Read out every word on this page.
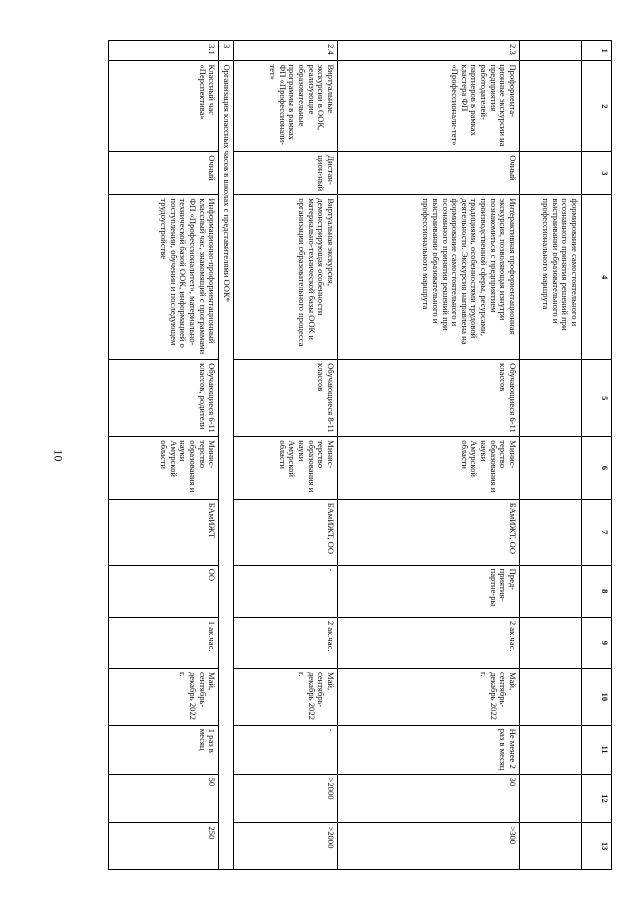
10
1	2	3	4	5	6	7	8	9	10	11	12	13
			формирование самостоятельного и осознанного принятия решений при выстраивании образовательного и профессионального маршрута									
2.3	Профориента-ционные экскурсии на предприятия работодателей-партнеров в рамках кластера ФП «Профессионали-тет»	Очный	Интерактивная профориентационная экскурсия, позволяющая изнутри познакомиться с предприятием производственной сферы, ресурсами, традициями, особенностями трудовой деятельности. Экскурсия направлена на формирование самостоятельного и осознанного принятия решений при выстраивании образовательного и профессионального маршрута	Обучающиеся 6-11 классов	Минис-терство образования и науки Амурской области	БАмИЖТ, ОО	Пред-приятия-партне-ры	2 ак.час.	Май, сентябрь-декабрь 2022 г.	Не менее 2 раз в месяц	30	>300
2.4	Виртуальные экскурсии в ООК, реализующие образовательные программы в рамках ФП «Профессионали-тет»	Дистан-цион-ный	Виртуальная экскурсия, демонстрирующая особенности материально-технической базы ООК и организации образовательного процесса	Обучающиеся 8-11 классов	Минис-терство образования и науки Амурской области	БАмИЖТ, ОО	-	2 ак.час.	Май, сентябрь-декабрь 2022 г.	-	>2000	>2000
3	Организация классных часов в школах с представителями ООК*											
3.1	Классный час «Перспектива»	Очный	Информационно-профориентационный классный час, знакомящий с программами ФП «Профессионалитет», материально-технической базой ООК, информацией о поступлении, обучении и последующем трудоустройстве	Обучающиеся 6-11 классов, родители	Минис-терство образования и науки Амурской области	БАмИЖТ	ОО	1 ак.час.	Май, сентябрь-декабрь 2022 г.	1 раз в месяц	50	250
